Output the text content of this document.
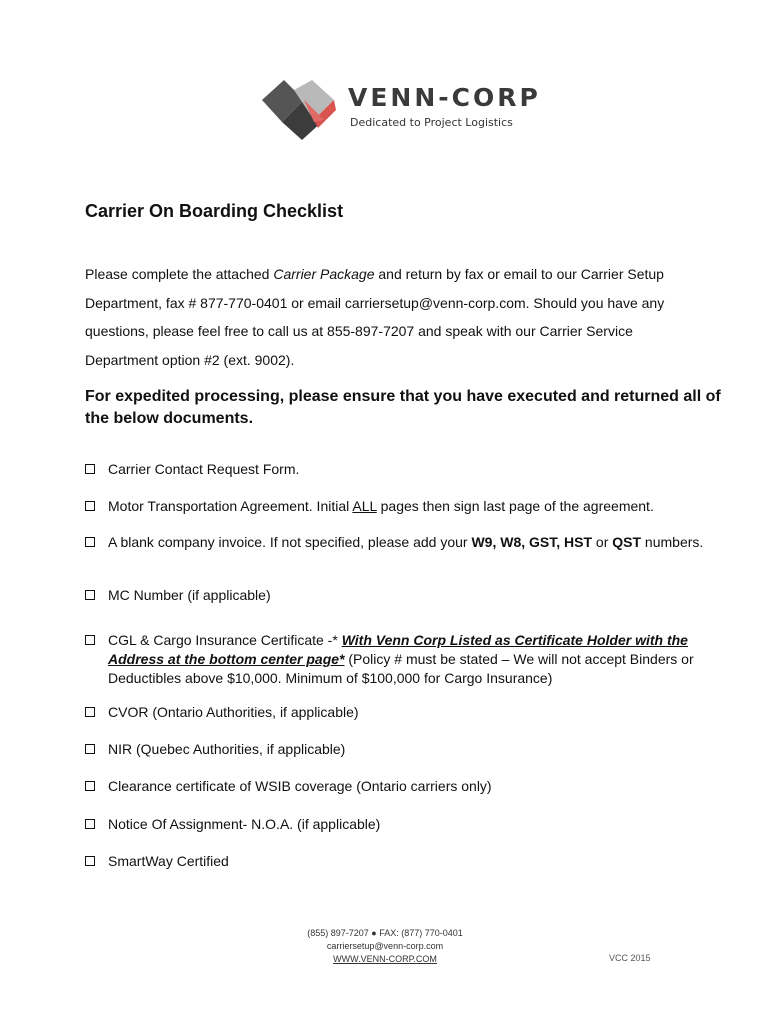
VENN-CORP
Dedicated to Project Logistics
Carrier On Boarding Checklist

Please complete the attached Carrier Package and return by fax or email to our Carrier Setup Department, fax # 877-770-0401 or email carriersetup@venn-corp.com. Should you have any questions, please feel free to call us at 855-897-7207 and speak with our Carrier Service Department option #2 (ext. 9002).

For expedited processing, please ensure that you have executed and returned all of the below documents.

Carrier Contact Request Form.
Motor Transportation Agreement. Initial ALL pages then sign last page of the agreement.
A blank company invoice. If not specified, please add your W9, W8, GST, HST or QST numbers.
MC Number (if applicable)
CGL & Cargo Insurance Certificate -* With Venn Corp Listed as Certificate Holder with the Address at the bottom center page* (Policy # must be stated – We will not accept Binders or Deductibles above $10,000. Minimum of $100,000 for Cargo Insurance)
CVOR (Ontario Authorities, if applicable)
NIR (Quebec Authorities, if applicable)
Clearance certificate of WSIB coverage (Ontario carriers only)
Notice Of Assignment- N.O.A. (if applicable)
SmartWay Certified
(855) 897-7207 ● FAX: (877) 770-0401
carriersetup@venn-corp.com
WWW.VENN-CORP.COM	VCC 2015
